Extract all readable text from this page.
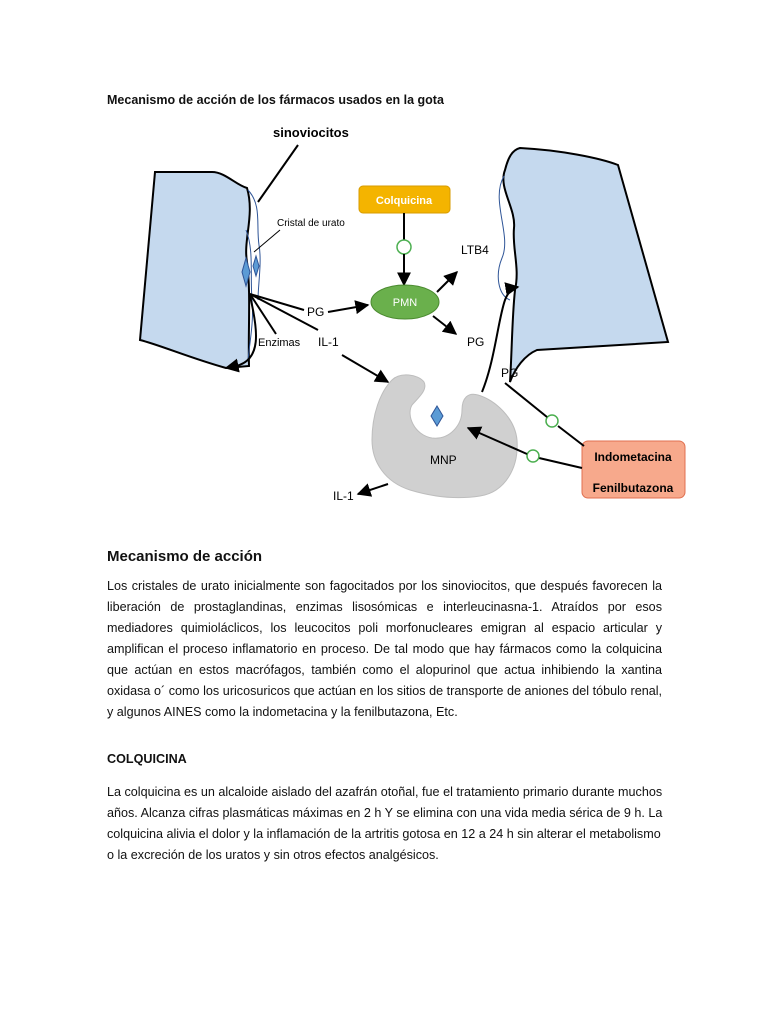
Mecanismo de acción de los fármacos usados en la gota
sinoviocitos
Cristal de urato
Colquicina
PMN
LTB4
PG
PG
Enzimas IL-1
MNP
IL-1
PG
Indometacina
Fenilbutazona
Mecanismo de acción

Los cristales de urato inicialmente son fagocitados por los sinoviocitos, que después favorecen la liberación de prostaglandinas, enzimas lisosómicas e interleucinasna-1. Atraídos por esos mediadores quimioláclicos, los leucocitos poli morfonucleares emigran al espacio articular y amplifican el proceso inflamatorio en proceso. De tal modo que hay fármacos como la colquicina que actúan en estos macrófagos, también como el alopurinol que actua inhibiendo la xantina oxidasa o´ como los uricosuricos que actúan en los sitios de transporte de aniones del tóbulo renal, y algunos AINES como la indometacina y la fenilbutazona, Etc.

COLQUICINA

La colquicina es un alcaloide aislado del azafrán otoñal, fue el tratamiento primario durante muchos años. Alcanza cifras plasmáticas máximas en 2 h Y se elimina con una vida media sérica de 9 h. La colquicina alivia el dolor y la inflamación de la artritis gotosa en 12 a 24 h sin alterar el metabolismo o la excreción de los uratos y sin otros efectos analgésicos.
